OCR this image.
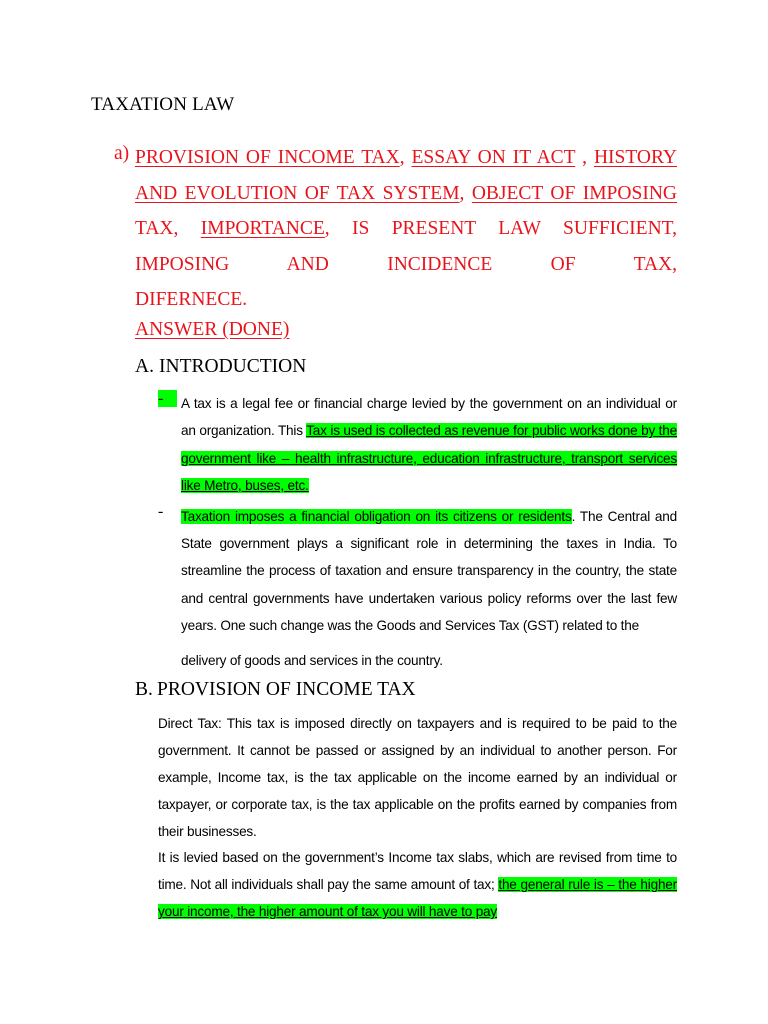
TAXATION LAW
a) PROVISION OF INCOME TAX, ESSAY ON IT ACT , HISTORY AND EVOLUTION OF TAX SYSTEM, OBJECT OF IMPOSING TAX, IMPORTANCE, IS PRESENT LAW SUFFICIENT, IMPOSING AND INCIDENCE OF TAX,
DIFERNECE.
ANSWER (DONE)
A. INTRODUCTION
-	A tax is a legal fee or financial charge levied by the government on an individual or an organization. This Tax is used is collected as revenue for public works done by the government like – health infrastructure, education infrastructure, transport services like Metro, buses, etc.
- Taxation imposes a financial obligation on its citizens or residents. The Central and State government plays a significant role in determining the taxes in India. To streamline the process of taxation and ensure transparency in the country, the state and central governments have undertaken various policy reforms over the last few years. One such change was the Goods and Services Tax (GST) related to the
delivery of goods and services in the country.
B. PROVISION OF INCOME TAX
Direct Tax: This tax is imposed directly on taxpayers and is required to be paid to the government. It cannot be passed or assigned by an individual to another person. For example, Income tax, is the tax applicable on the income earned by an individual or taxpayer, or corporate tax, is the tax applicable on the profits earned by companies from their businesses.
It is levied based on the government’s Income tax slabs, which are revised from time to time. Not all individuals shall pay the same amount of tax; the general rule is – the higher your income, the higher amount of tax you will have to pay
